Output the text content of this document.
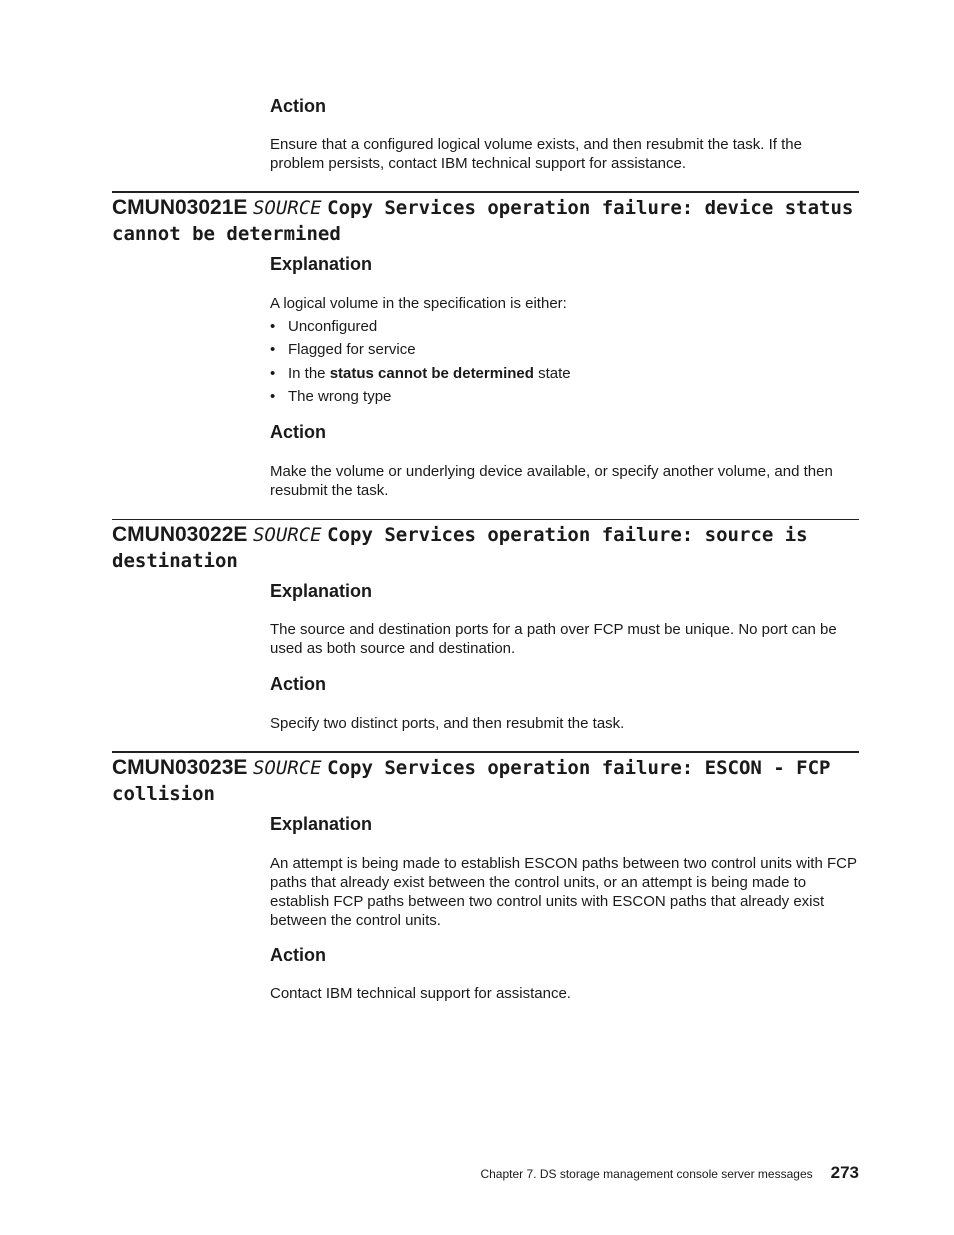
Action
Ensure that a configured logical volume exists, and then resubmit the task. If the problem persists, contact IBM technical support for assistance.
CMUN03021E SOURCE Copy Services operation failure: device status cannot be determined
Explanation
A logical volume in the specification is either:
• Unconfigured
• Flagged for service
• In the status cannot be determined state
• The wrong type
Action
Make the volume or underlying device available, or specify another volume, and then resubmit the task.
CMUN03022E SOURCE Copy Services operation failure: source is destination
Explanation
The source and destination ports for a path over FCP must be unique. No port can be used as both source and destination.
Action
Specify two distinct ports, and then resubmit the task.
CMUN03023E SOURCE Copy Services operation failure: ESCON - FCP collision
Explanation
An attempt is being made to establish ESCON paths between two control units with FCP paths that already exist between the control units, or an attempt is being made to establish FCP paths between two control units with ESCON paths that already exist between the control units.
Action
Contact IBM technical support for assistance.
Chapter 7. DS storage management console server messages 273
